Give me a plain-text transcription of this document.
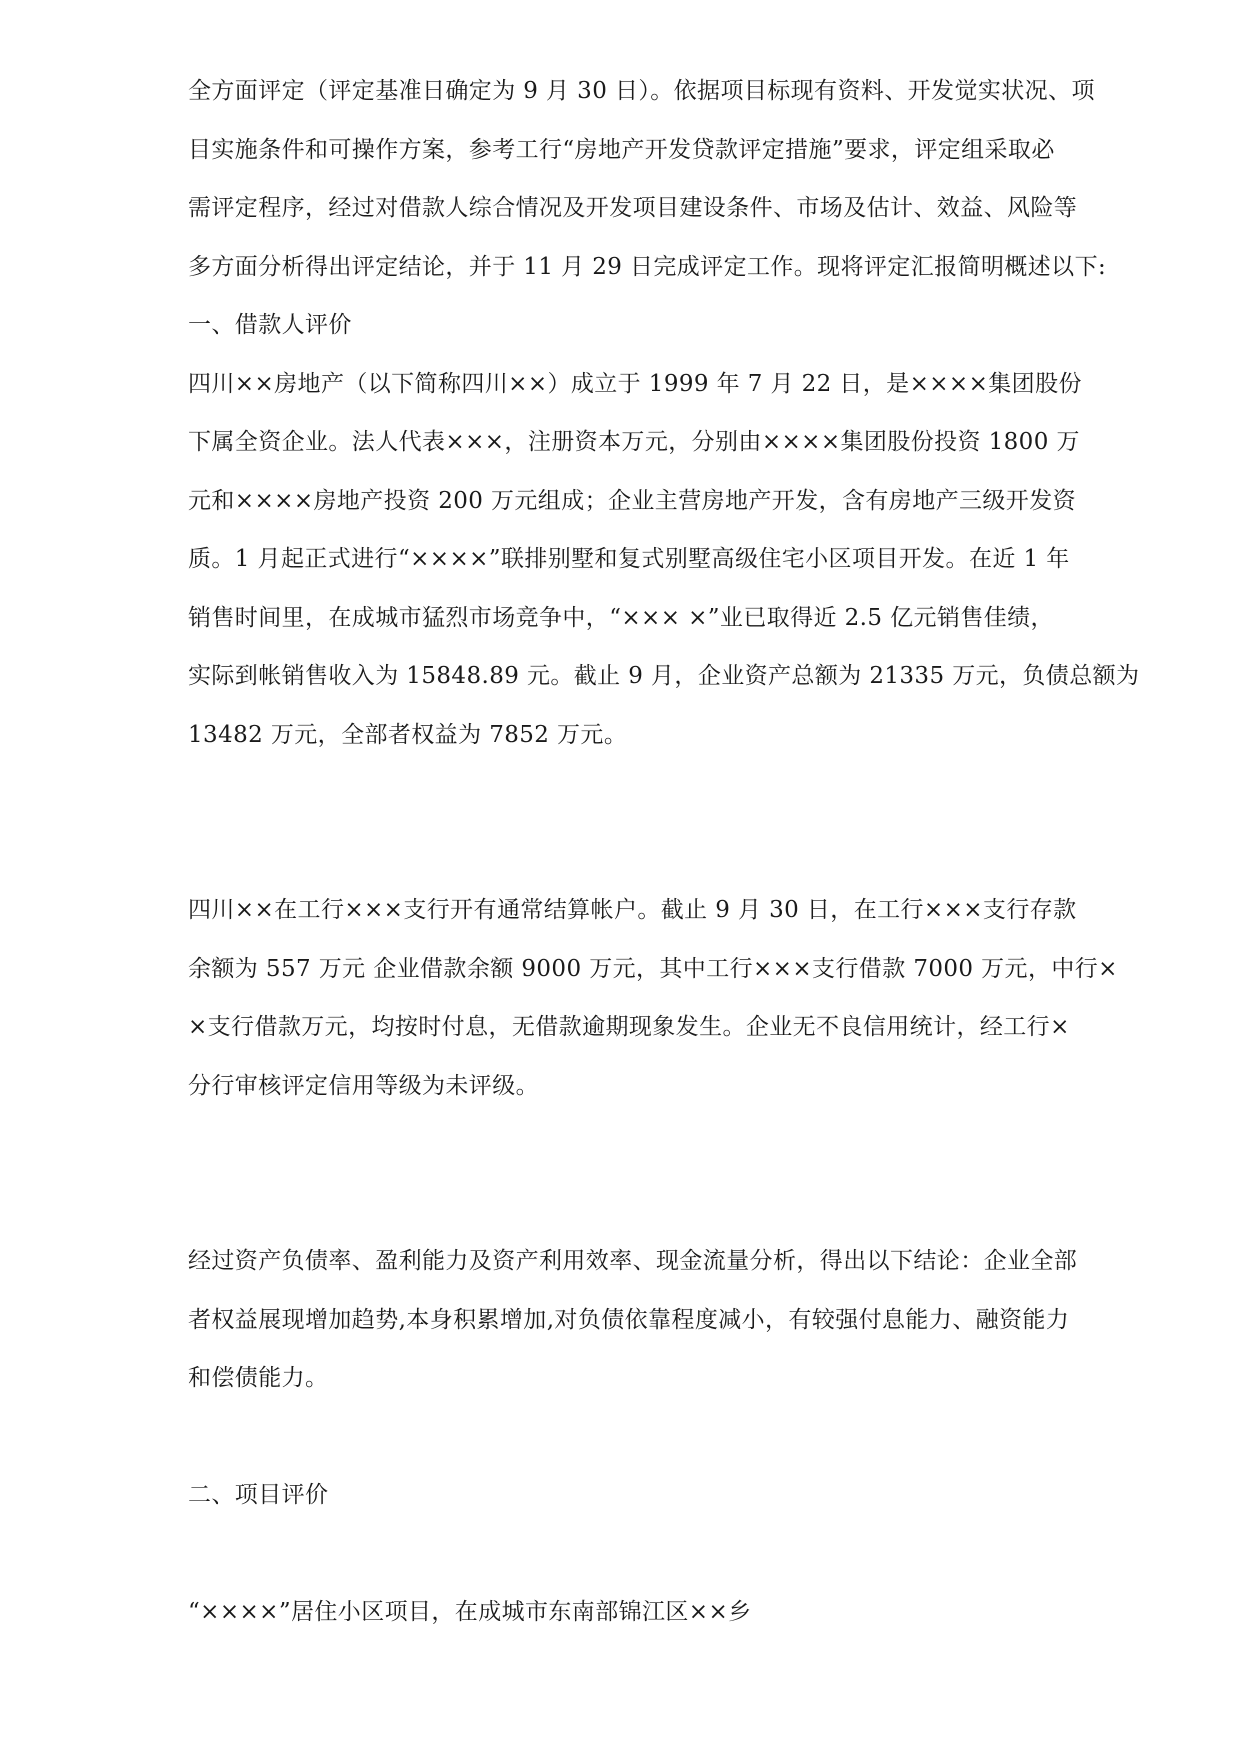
全方面评定（评定基准日确定为 9 月 30 日）。依据项目标现有资料、开发觉实状况、项
目实施条件和可操作方案，参考工行“房地产开发贷款评定措施”要求，评定组采取必
需评定程序，经过对借款人综合情况及开发项目建设条件、市场及估计、效益、风险等
多方面分析得出评定结论，并于 11 月 29 日完成评定工作。现将评定汇报简明概述以下:
一、借款人评价
四川××房地产（以下简称四川××）成立于 1999 年 7 月 22 日，是××××集团股份
下属全资企业。法人代表×××，注册资本万元，分别由××××集团股份投资 1800 万
元和××××房地产投资 200 万元组成；企业主营房地产开发，含有房地产三级开发资
质。1 月起正式进行“××××”联排别墅和复式别墅高级住宅小区项目开发。在近 1 年
销售时间里，在成城市猛烈市场竞争中，“××× ×”业已取得近 2.5 亿元销售佳绩，
实际到帐销售收入为 15848.89 元。截止 9 月，企业资产总额为 21335 万元，负债总额为
13482 万元，全部者权益为 7852 万元。
四川××在工行×××支行开有通常结算帐户。截止 9 月 30 日，在工行×××支行存款
余额为 557 万元 企业借款余额 9000 万元，其中工行×××支行借款 7000 万元，中行×
×支行借款万元，均按时付息，无借款逾期现象发生。企业无不良信用统计，经工行×
分行审核评定信用等级为未评级。
经过资产负债率、盈利能力及资产利用效率、现金流量分析，得出以下结论：企业全部
者权益展现增加趋势,本身积累增加,对负债依靠程度减小，有较强付息能力、融资能力
和偿债能力。
二、项目评价
“××××”居住小区项目，在成城市东南部锦江区××乡
